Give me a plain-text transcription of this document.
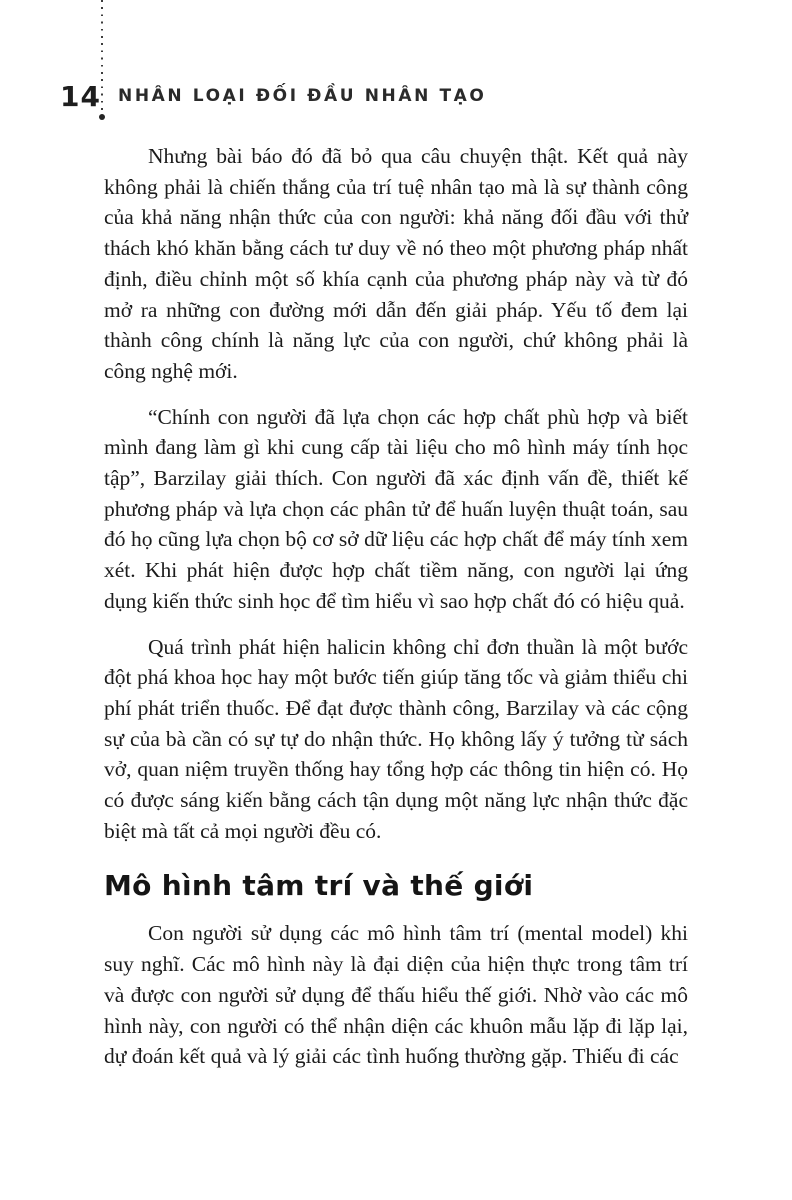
14 NHÂN LOẠI ĐỐI ĐẦU NHÂN TẠO

Nhưng bài báo đó đã bỏ qua câu chuyện thật. Kết quả này không phải là chiến thắng của trí tuệ nhân tạo mà là sự thành công của khả năng nhận thức của con người: khả năng đối đầu với thử thách khó khăn bằng cách tư duy về nó theo một phương pháp nhất định, điều chỉnh một số khía cạnh của phương pháp này và từ đó mở ra những con đường mới dẫn đến giải pháp. Yếu tố đem lại thành công chính là năng lực của con người, chứ không phải là công nghệ mới.

“Chính con người đã lựa chọn các hợp chất phù hợp và biết mình đang làm gì khi cung cấp tài liệu cho mô hình máy tính học tập”, Barzilay giải thích. Con người đã xác định vấn đề, thiết kế phương pháp và lựa chọn các phân tử để huấn luyện thuật toán, sau đó họ cũng lựa chọn bộ cơ sở dữ liệu các hợp chất để máy tính xem xét. Khi phát hiện được hợp chất tiềm năng, con người lại ứng dụng kiến thức sinh học để tìm hiểu vì sao hợp chất đó có hiệu quả.

Quá trình phát hiện halicin không chỉ đơn thuần là một bước đột phá khoa học hay một bước tiến giúp tăng tốc và giảm thiểu chi phí phát triển thuốc. Để đạt được thành công, Barzilay và các cộng sự của bà cần có sự tự do nhận thức. Họ không lấy ý tưởng từ sách vở, quan niệm truyền thống hay tổng hợp các thông tin hiện có. Họ có được sáng kiến bằng cách tận dụng một năng lực nhận thức đặc biệt mà tất cả mọi người đều có.

Mô hình tâm trí và thế giới

Con người sử dụng các mô hình tâm trí (mental model) khi suy nghĩ. Các mô hình này là đại diện của hiện thực trong tâm trí và được con người sử dụng để thấu hiểu thế giới. Nhờ vào các mô hình này, con người có thể nhận diện các khuôn mẫu lặp đi lặp lại, dự đoán kết quả và lý giải các tình huống thường gặp. Thiếu đi các
